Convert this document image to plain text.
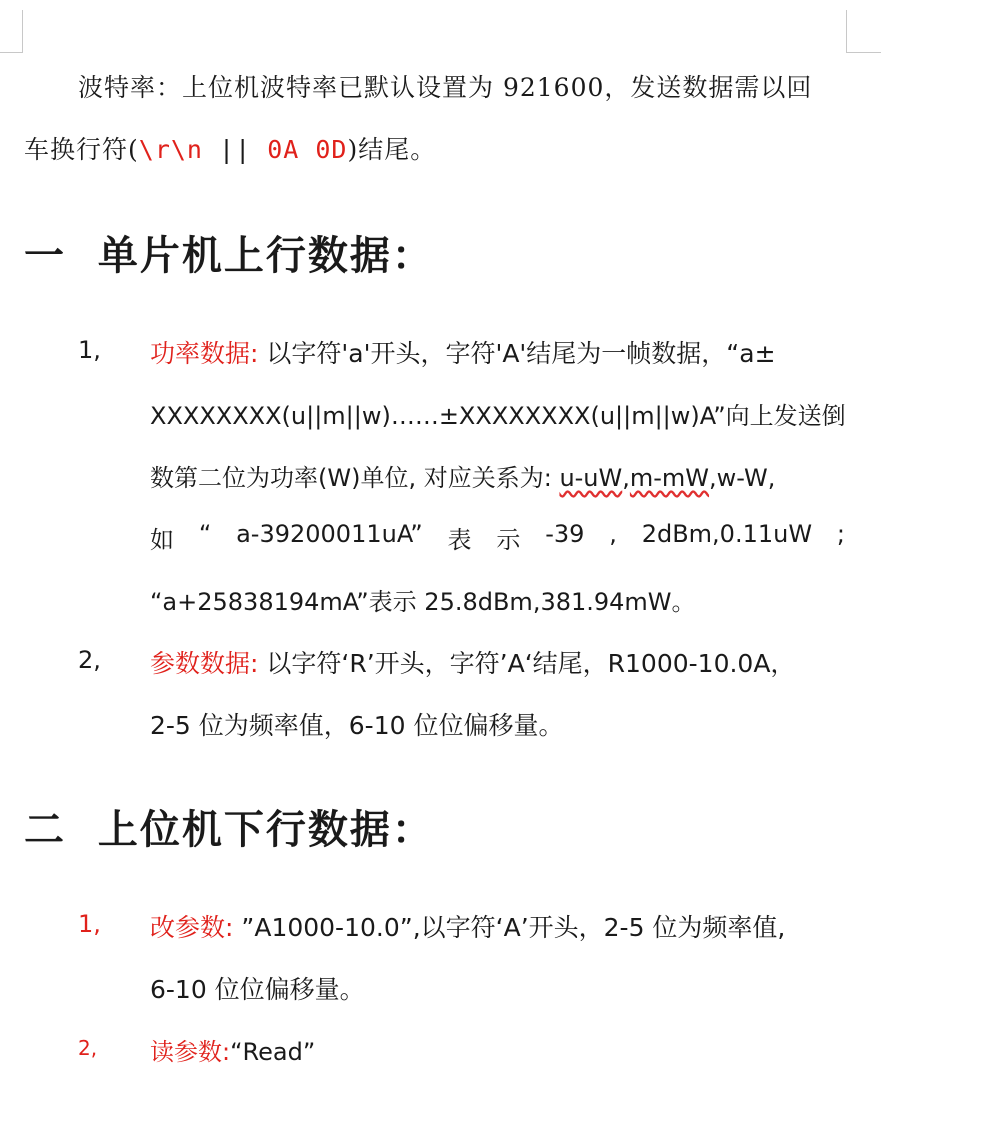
波特率：上位机波特率已默认设置为 921600，发送数据需以回
车换行符(\r\n || 0A 0D)结尾。
一 单片机上行数据：
1, 功率数据: 以字符'a'开头，字符'A'结尾为一帧数据，“a±
XXXXXXXX(u||m||w)……±XXXXXXXX(u||m||w)A”向上发送倒
数第二位为功率(W)单位, 对应关系为: u-uW,m-mW,w-W,
如 “ a-39200011uA” 表 示 -39 , 2dBm,0.11uW ;
“a+25838194mA”表示 25.8dBm,381.94mW。
2, 参数数据: 以字符‘R’开头，字符’A‘结尾，R1000-10.0A，
2-5 位为频率值，6-10 位位偏移量。
二 上位机下行数据：
1, 改参数: ”A1000-10.0”,以字符‘A’开头，2-5 位为频率值,
6-10 位位偏移量。
2, 读参数:“Read”
